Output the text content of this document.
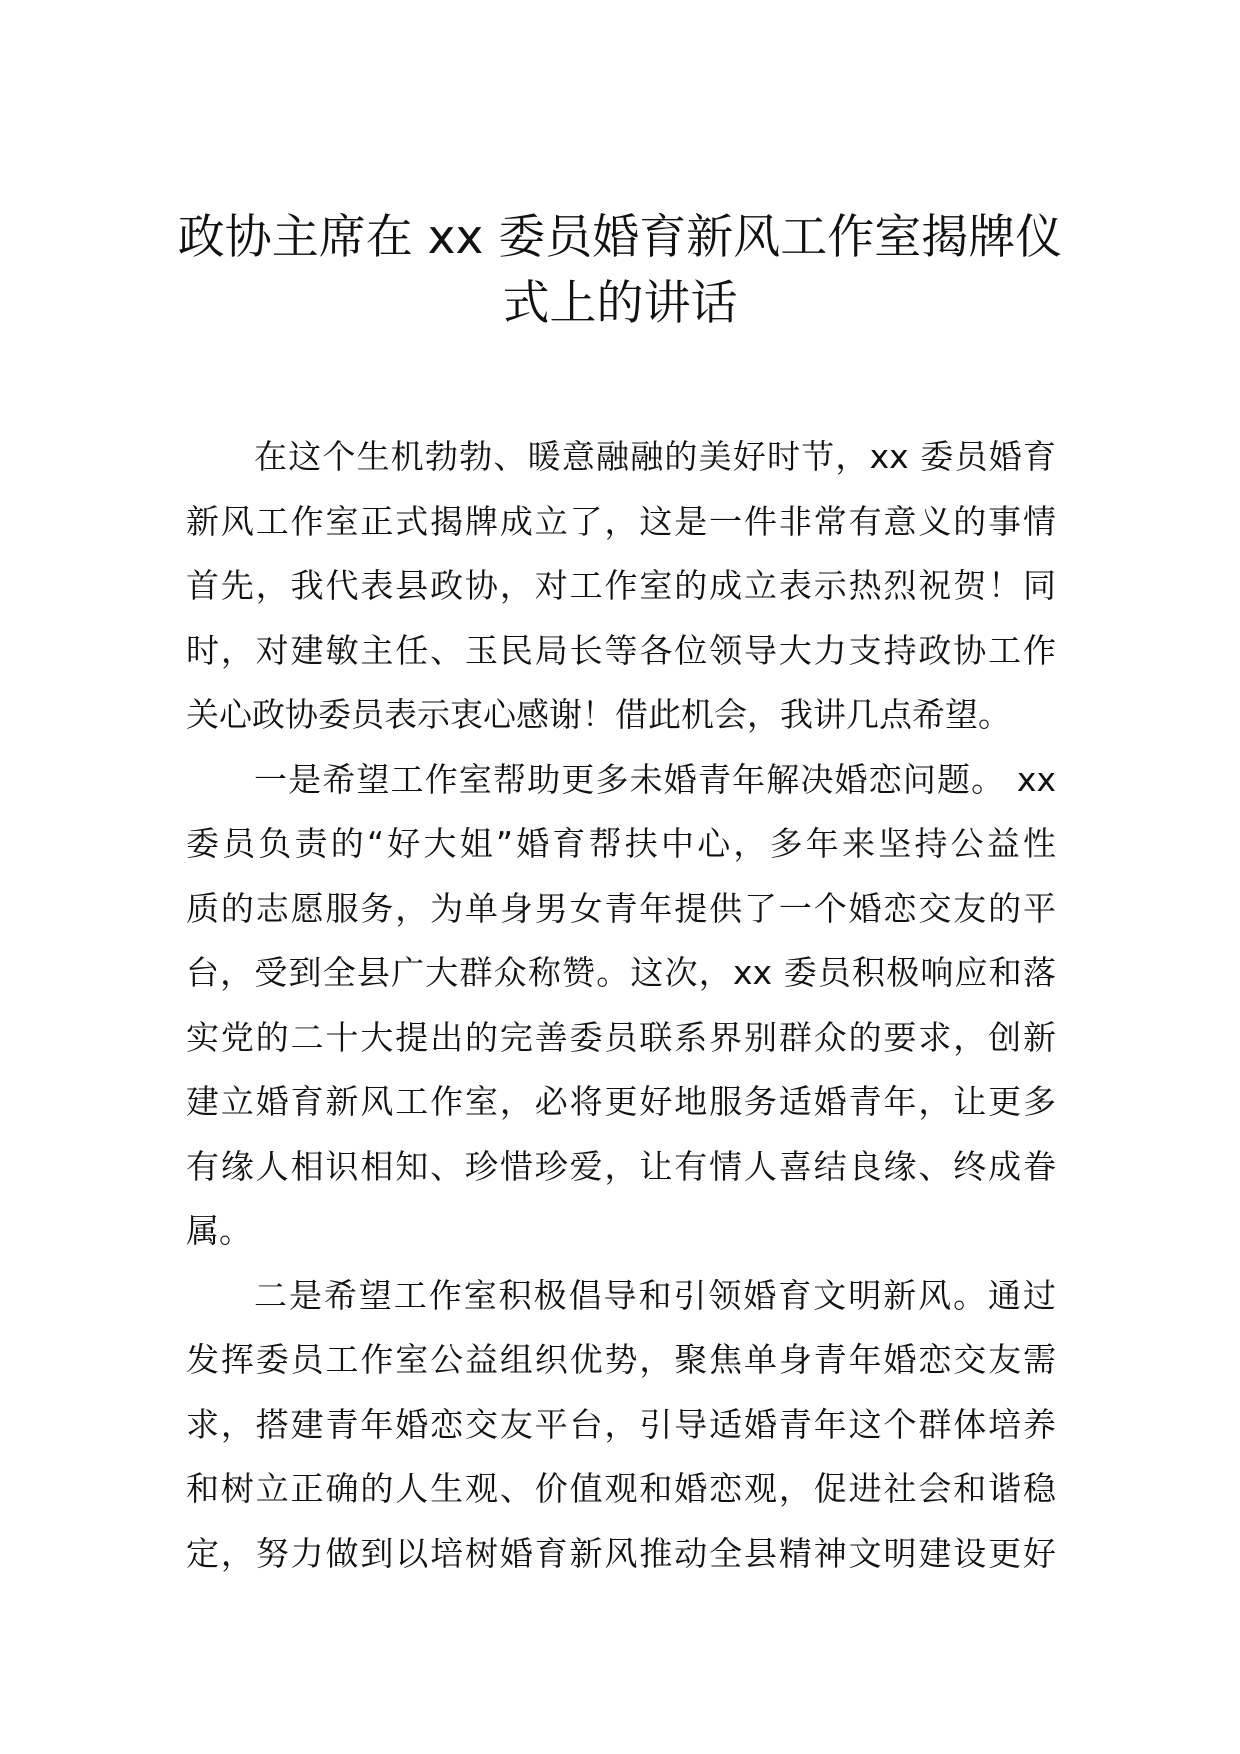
政协主席在 xx 委员婚育新风工作室揭牌仪
式上的讲话
在这个生机勃勃、暖意融融的美好时节，xx 委员婚育
新风工作室正式揭牌成立了，这是一件非常有意义的事情
首先，我代表县政协，对工作室的成立表示热烈祝贺！同
时，对建敏主任、玉民局长等各位领导大力支持政协工作
关心政协委员表示衷心感谢！借此机会，我讲几点希望。
一是希望工作室帮助更多未婚青年解决婚恋问题。 xx
委员负责的“好大姐”婚育帮扶中心，多年来坚持公益性
质的志愿服务，为单身男女青年提供了一个婚恋交友的平
台，受到全县广大群众称赞。这次，xx 委员积极响应和落
实党的二十大提出的完善委员联系界别群众的要求，创新
建立婚育新风工作室，必将更好地服务适婚青年，让更多
有缘人相识相知、珍惜珍爱，让有情人喜结良缘、终成眷
属。
二是希望工作室积极倡导和引领婚育文明新风。通过
发挥委员工作室公益组织优势，聚焦单身青年婚恋交友需
求，搭建青年婚恋交友平台，引导适婚青年这个群体培养
和树立正确的人生观、价值观和婚恋观，促进社会和谐稳
定，努力做到以培树婚育新风推动全县精神文明建设更好
